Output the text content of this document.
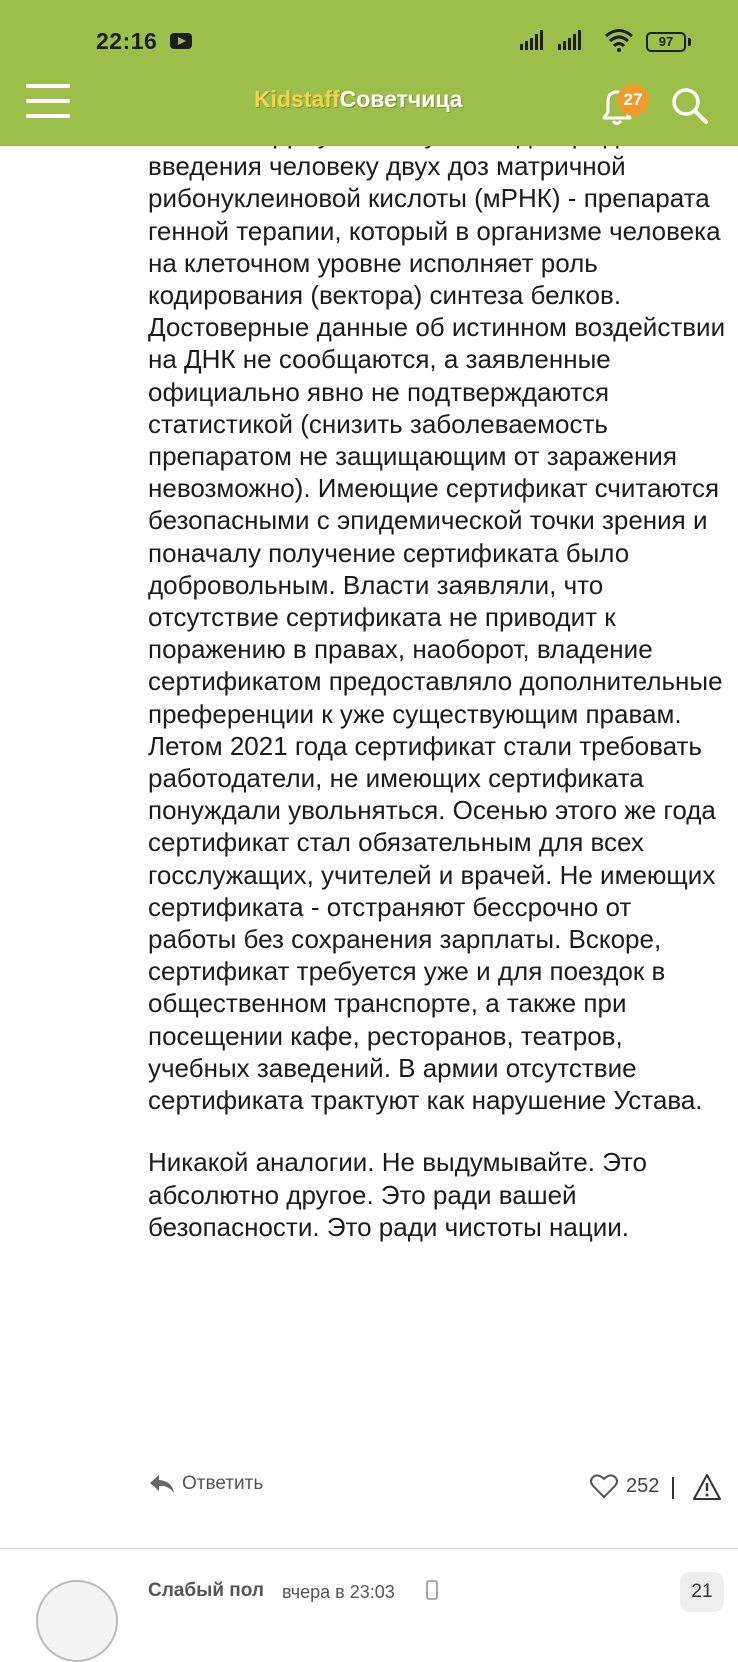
22:16	97
KidstaffСоветчица	27

введения человеку двух доз матричной рибонуклеиновой кислоты (мРНК) - препарата генной терапии, который в организме человека на клеточном уровне исполняет роль кодирования (вектора) синтеза белков. Достоверные данные об истинном воздействии на ДНК не сообщаются, а заявленные официально явно не подтверждаются статистикой (снизить заболеваемость препаратом не защищающим от заражения невозможно). Имеющие сертификат считаются безопасными с эпидемической точки зрения и поначалу получение сертификата было добровольным. Власти заявляли, что отсутствие сертификата не приводит к поражению в правах, наоборот, владение сертификатом предоставляло дополнительные преференции к уже существующим правам. Летом 2021 года сертификат стали требовать работодатели, не имеющих сертификата понуждали увольняться. Осенью этого же года сертификат стал обязательным для всех госслужащих, учителей и врачей. Не имеющих сертификата - отстраняют бессрочно от работы без сохранения зарплаты. Вскоре, сертификат требуется уже и для поездок в общественном транспорте, а также при посещении кафе, ресторанов, театров, учебных заведений. В армии отсутствие сертификата трактуют как нарушение Устава.

Никакой аналогии. Не выдумывайте. Это абсолютно другое. Это ради вашей безопасности. Это ради чистоты нации.

Ответить	252
Слабый пол вчера в 23:03	21
